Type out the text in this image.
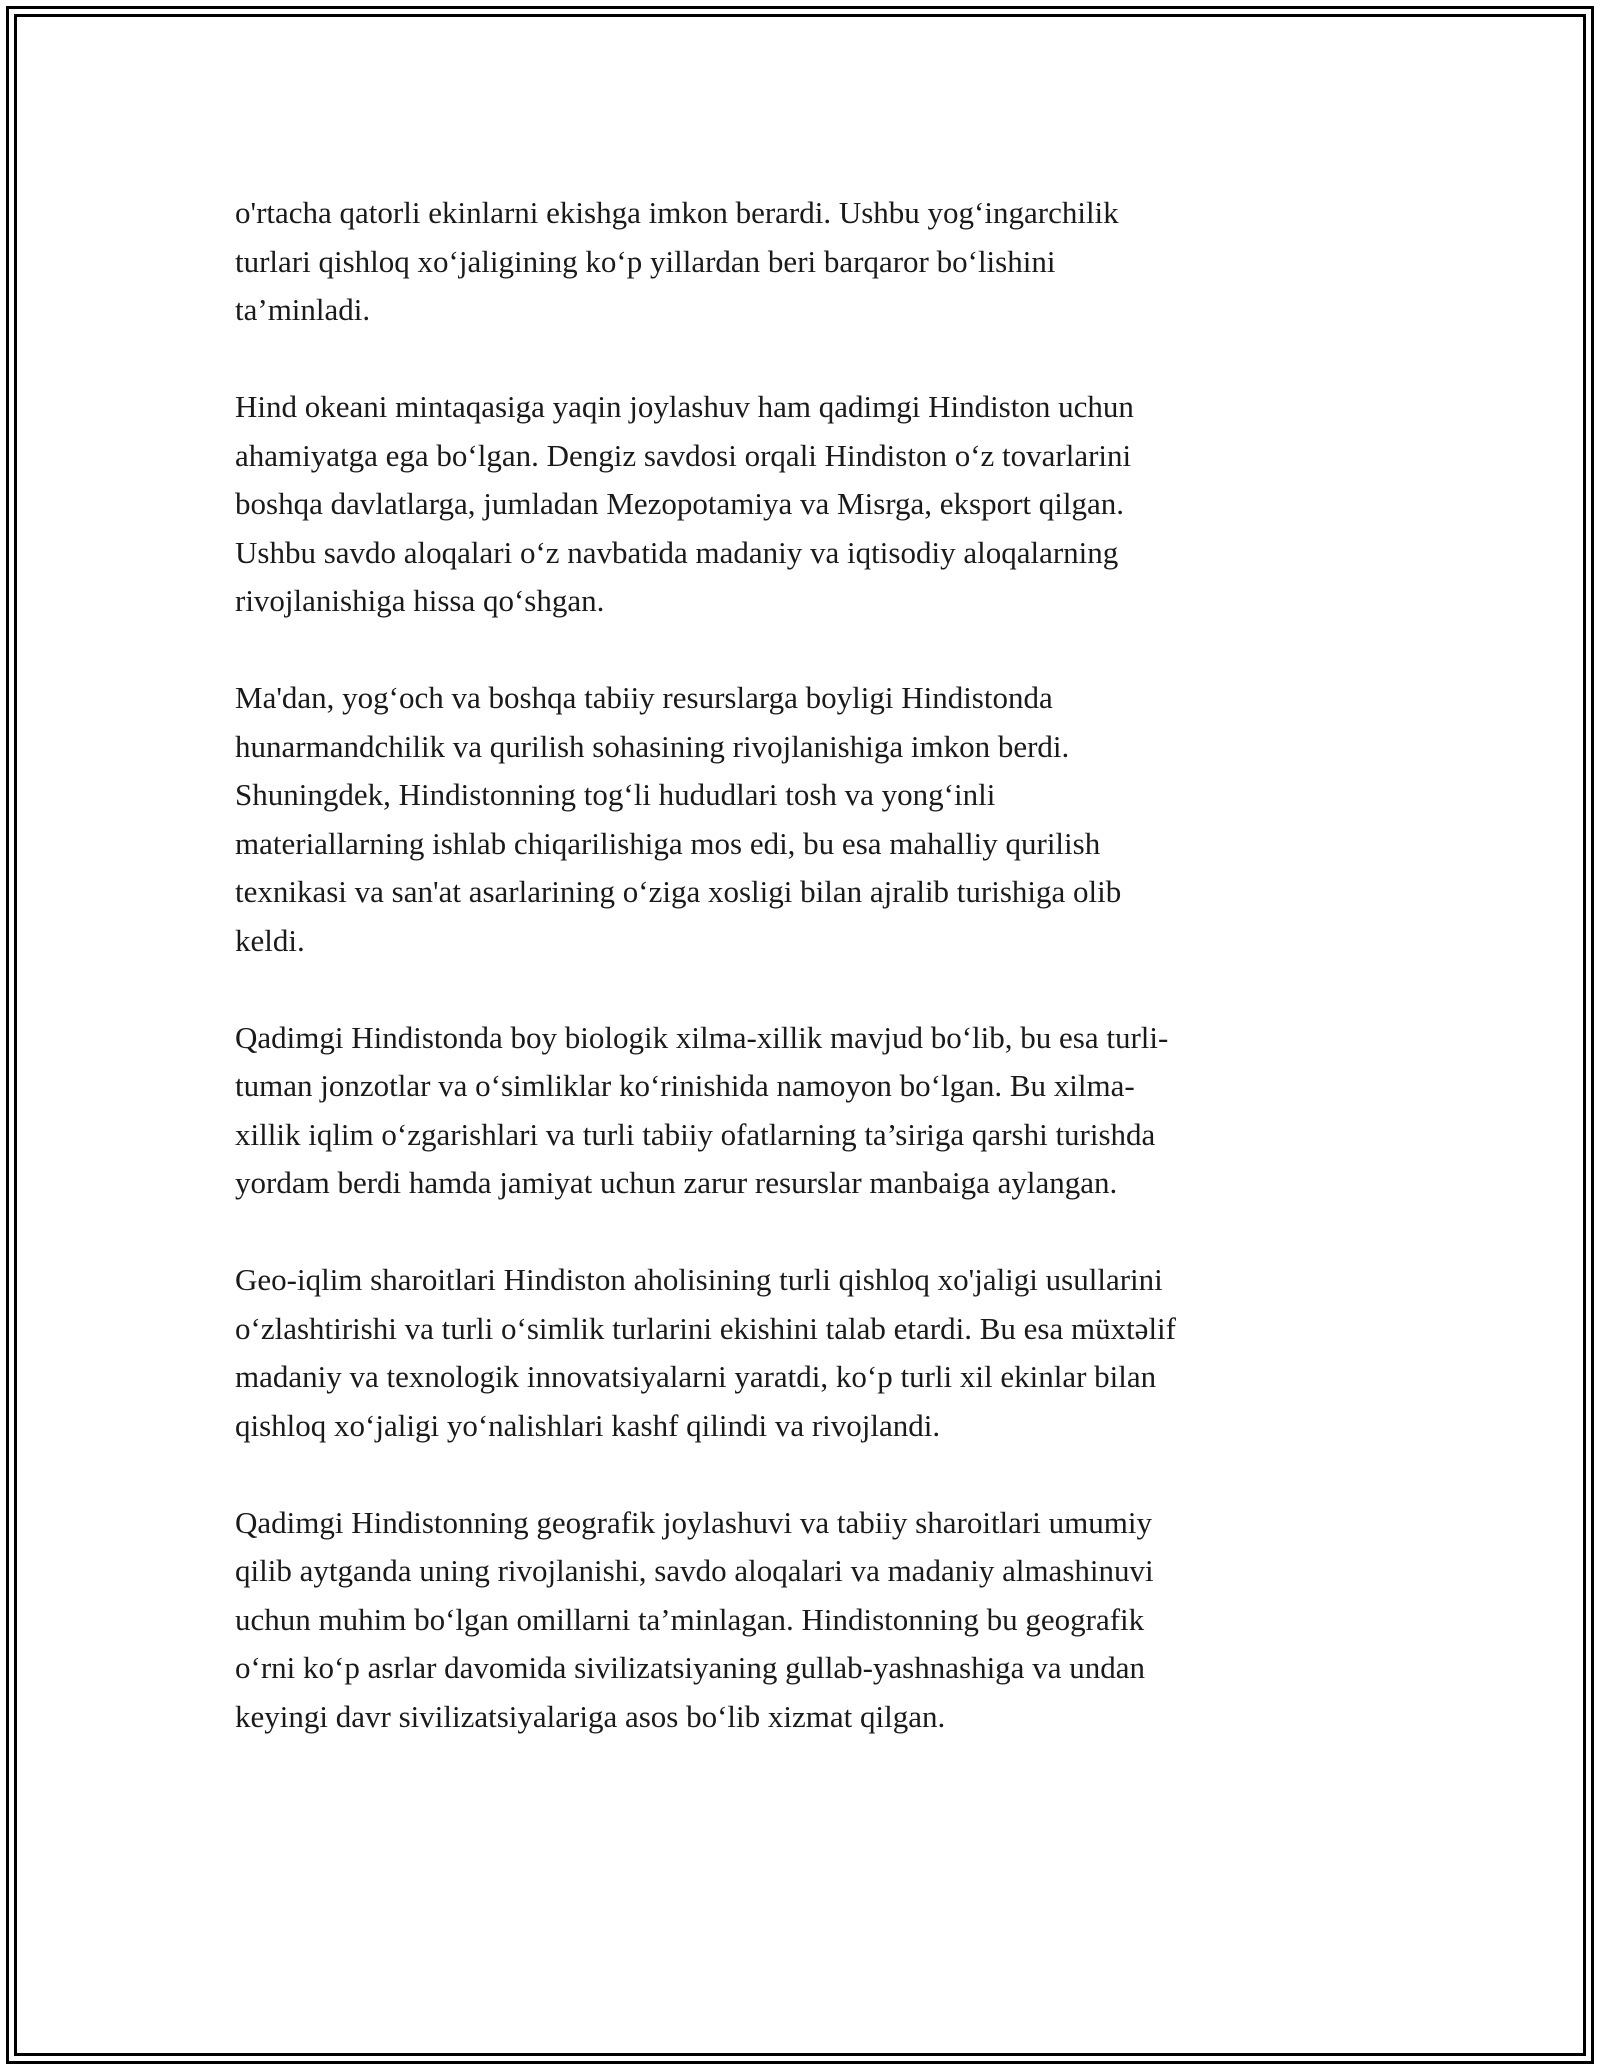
o'rtacha qatorli ekinlarni ekishga imkon berardi. Ushbu yog‘ingarchilik
turlari qishloq xo‘jaligining ko‘p yillardan beri barqaror bo‘lishini
ta’minladi.

Hind okeani mintaqasiga yaqin joylashuv ham qadimgi Hindiston uchun
ahamiyatga ega bo‘lgan. Dengiz savdosi orqali Hindiston o‘z tovarlarini
boshqa davlatlarga, jumladan Mezopotamiya va Misrga, eksport qilgan.
Ushbu savdo aloqalari o‘z navbatida madaniy va iqtisodiy aloqalarning
rivojlanishiga hissa qo‘shgan.

Ma'dan, yog‘och va boshqa tabiiy resurslarga boyligi Hindistonda
hunarmandchilik va qurilish sohasining rivojlanishiga imkon berdi.
Shuningdek, Hindistonning tog‘li hududlari tosh va yong‘inli
materiallarning ishlab chiqarilishiga mos edi, bu esa mahalliy qurilish
texnikasi va san'at asarlarining o‘ziga xosligi bilan ajralib turishiga olib
keldi.

Qadimgi Hindistonda boy biologik xilma-xillik mavjud bo‘lib, bu esa turli-
tuman jonzotlar va o‘simliklar ko‘rinishida namoyon bo‘lgan. Bu xilma-
xillik iqlim o‘zgarishlari va turli tabiiy ofatlarning ta’siriga qarshi turishda
yordam berdi hamda jamiyat uchun zarur resurslar manbaiga aylangan.

Geo-iqlim sharoitlari Hindiston aholisining turli qishloq xo'jaligi usullarini
o‘zlashtirishi va turli o‘simlik turlarini ekishini talab etardi. Bu esa müxtəlif
madaniy va texnologik innovatsiyalarni yaratdi, ko‘p turli xil ekinlar bilan
qishloq xo‘jaligi yo‘nalishlari kashf qilindi va rivojlandi.

Qadimgi Hindistonning geografik joylashuvi va tabiiy sharoitlari umumiy
qilib aytganda uning rivojlanishi, savdo aloqalari va madaniy almashinuvi
uchun muhim bo‘lgan omillarni ta’minlagan. Hindistonning bu geografik
o‘rni ko‘p asrlar davomida sivilizatsiyaning gullab-yashnashiga va undan
keyingi davr sivilizatsiyalariga asos bo‘lib xizmat qilgan.
